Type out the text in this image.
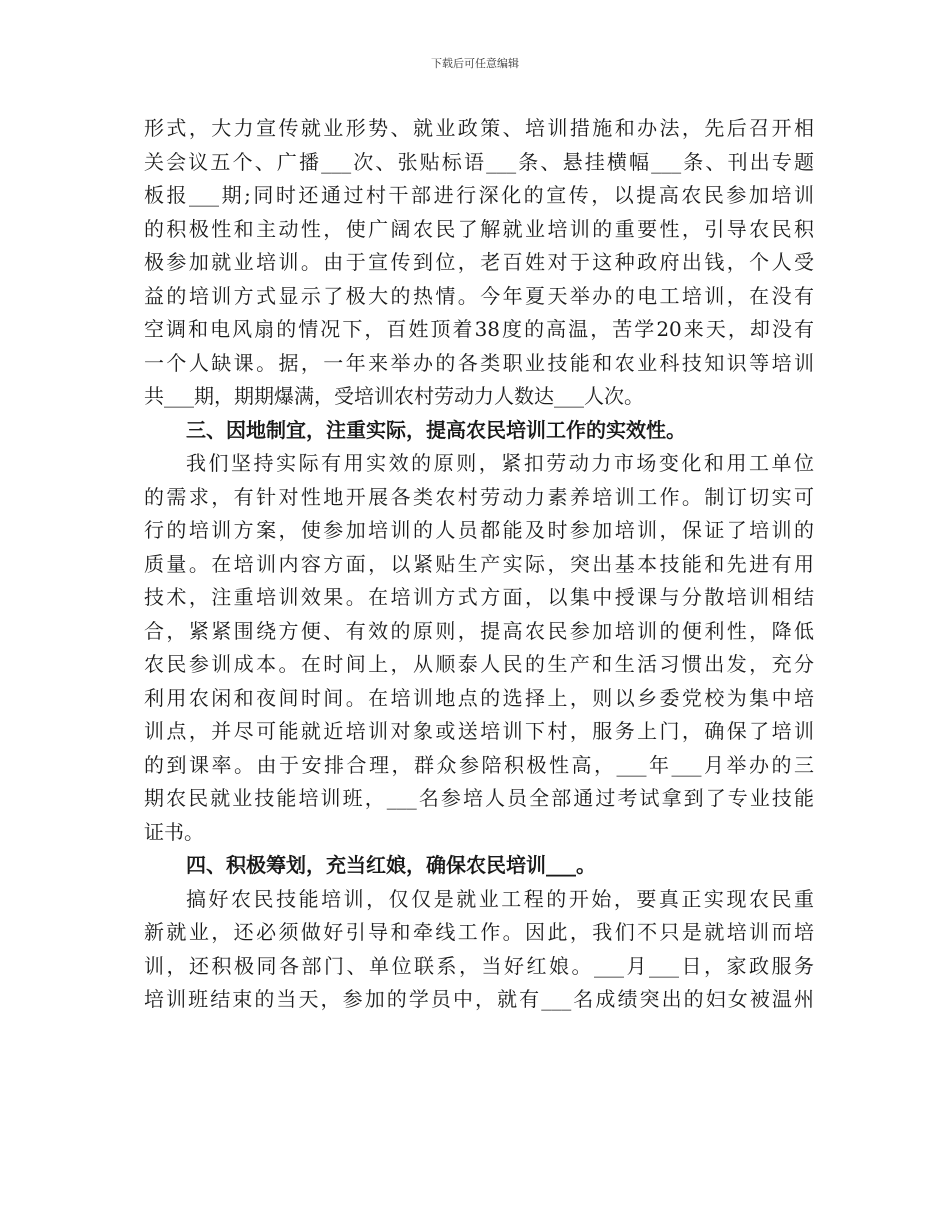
下载后可任意编辑
形式，大力宣传就业形势、就业政策、培训措施和办法，先后召开相
关会议五个、广播___次、张贴标语___条、悬挂横幅___条、刊出专题
板报___期;同时还通过村干部进行深化的宣传，以提高农民参加培训
的积极性和主动性，使广阔农民了解就业培训的重要性，引导农民积
极参加就业培训。由于宣传到位，老百姓对于这种政府出钱，个人受
益的培训方式显示了极大的热情。今年夏天举办的电工培训，在没有
空调和电风扇的情况下，百姓顶着38度的高温，苦学20来天，却没有
一个人缺课。据，一年来举办的各类职业技能和农业科技知识等培训
共___期，期期爆满，受培训农村劳动力人数达___人次。
三、因地制宜，注重实际，提高农民培训工作的实效性。
我们坚持实际有用实效的原则，紧扣劳动力市场变化和用工单位
的需求，有针对性地开展各类农村劳动力素养培训工作。制订切实可
行的培训方案，使参加培训的人员都能及时参加培训，保证了培训的
质量。在培训内容方面，以紧贴生产实际，突出基本技能和先进有用
技术，注重培训效果。在培训方式方面，以集中授课与分散培训相结
合，紧紧围绕方便、有效的原则，提高农民参加培训的便利性，降低
农民参训成本。在时间上，从顺泰人民的生产和生活习惯出发，充分
利用农闲和夜间时间。在培训地点的选择上，则以乡委党校为集中培
训点，并尽可能就近培训对象或送培训下村，服务上门，确保了培训
的到课率。由于安排合理，群众参陪积极性高，___年___月举办的三
期农民就业技能培训班，___名参培人员全部通过考试拿到了专业技能
证书。
四、积极筹划，充当红娘，确保农民培训___。
搞好农民技能培训，仅仅是就业工程的开始，要真正实现农民重
新就业，还必须做好引导和牵线工作。因此，我们不只是就培训而培
训，还积极同各部门、单位联系，当好红娘。___月___日，家政服务
培训班结束的当天，参加的学员中，就有___名成绩突出的妇女被温州
